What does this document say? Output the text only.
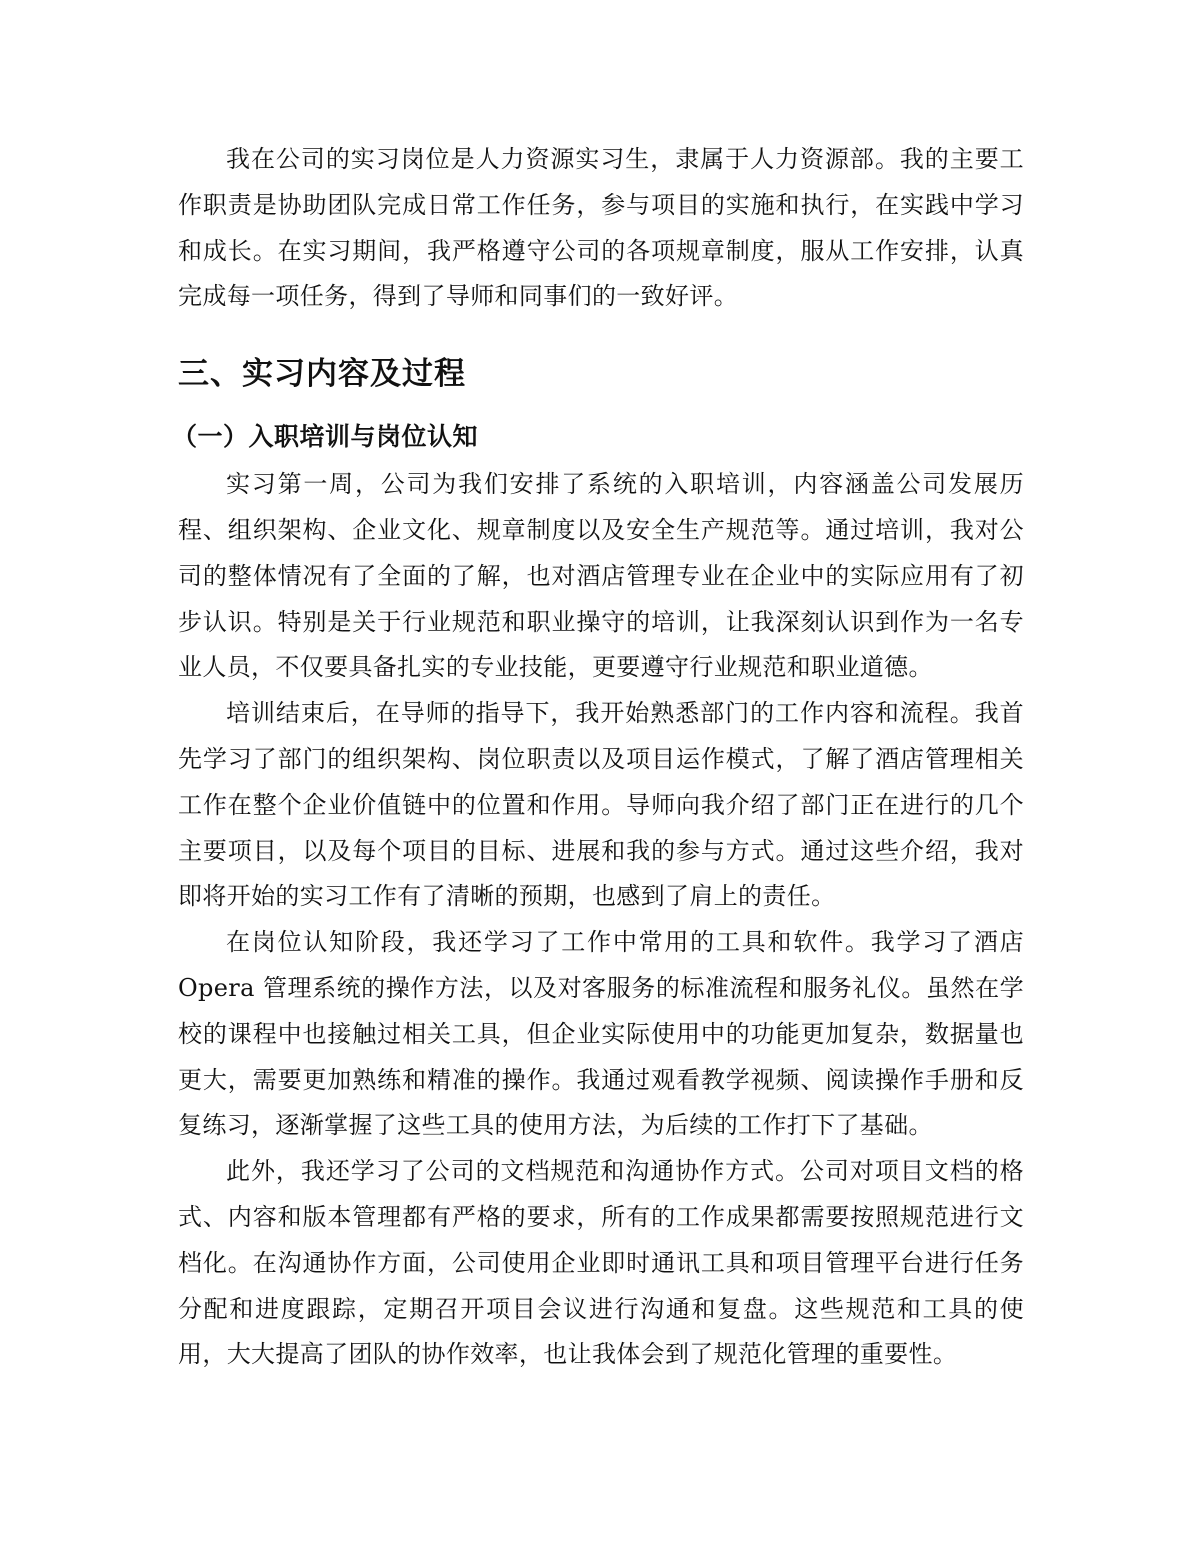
我在公司的实习岗位是人力资源实习生，隶属于人力资源部。我的主要工作职责是协助团队完成日常工作任务，参与项目的实施和执行，在实践中学习和成长。在实习期间，我严格遵守公司的各项规章制度，服从工作安排，认真完成每一项任务，得到了导师和同事们的一致好评。

三、实习内容及过程
（一）入职培训与岗位认知

实习第一周，公司为我们安排了系统的入职培训，内容涵盖公司发展历程、组织架构、企业文化、规章制度以及安全生产规范等。通过培训，我对公司的整体情况有了全面的了解，也对酒店管理专业在企业中的实际应用有了初步认识。特别是关于行业规范和职业操守的培训，让我深刻认识到作为一名专业人员，不仅要具备扎实的专业技能，更要遵守行业规范和职业道德。

培训结束后，在导师的指导下，我开始熟悉部门的工作内容和流程。我首先学习了部门的组织架构、岗位职责以及项目运作模式，了解了酒店管理相关工作在整个企业价值链中的位置和作用。导师向我介绍了部门正在进行的几个主要项目，以及每个项目的目标、进展和我的参与方式。通过这些介绍，我对即将开始的实习工作有了清晰的预期，也感到了肩上的责任。

在岗位认知阶段，我还学习了工作中常用的工具和软件。我学习了酒店 Opera 管理系统的操作方法，以及对客服务的标准流程和服务礼仪。虽然在学校的课程中也接触过相关工具，但企业实际使用中的功能更加复杂，数据量也更大，需要更加熟练和精准的操作。我通过观看教学视频、阅读操作手册和反复练习，逐渐掌握了这些工具的使用方法，为后续的工作打下了基础。

此外，我还学习了公司的文档规范和沟通协作方式。公司对项目文档的格式、内容和版本管理都有严格的要求，所有的工作成果都需要按照规范进行文档化。在沟通协作方面，公司使用企业即时通讯工具和项目管理平台进行任务分配和进度跟踪，定期召开项目会议进行沟通和复盘。这些规范和工具的使用，大大提高了团队的协作效率，也让我体会到了规范化管理的重要性。
